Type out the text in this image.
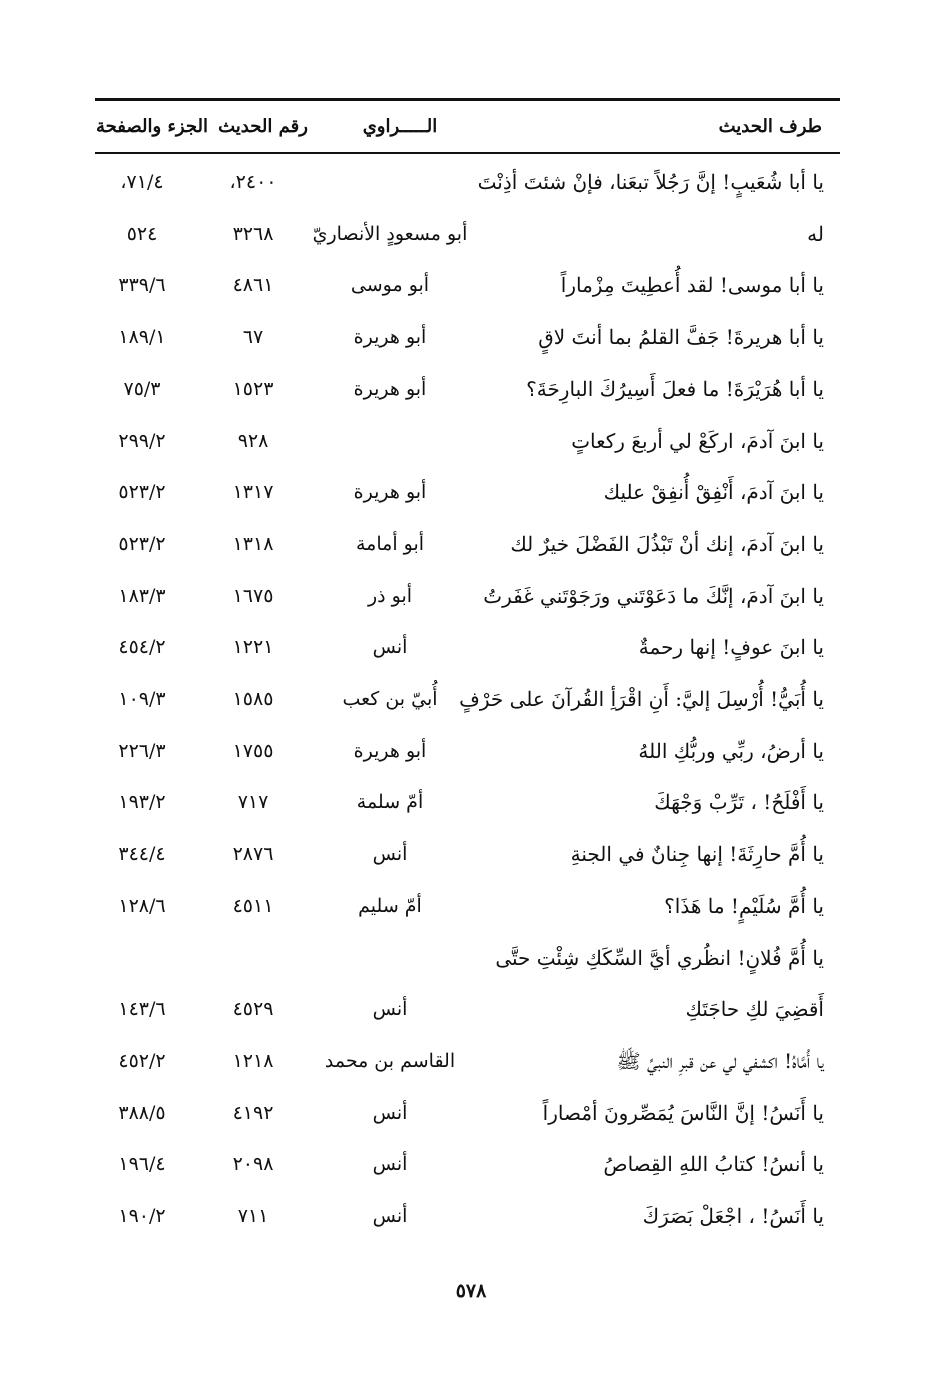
طرف الحديث
الـــــراوي
رقم الحديث
الجزء والصفحة
يا أبا شُعَيبٍ! إنَّ رَجُلاً تبعَنا، فإنْ شئتَ أذِنْتَ
٢٤٠٠،
٧١/٤،
له
أبو مسعودٍ الأنصاريّ
٣٢٦٨
٥٢٤
يا أبا موسى! لقد أُعطِيتَ مِزْماراً
أبو موسى
٤٨٦١
٣٣٩/٦
يا أبا هريرةَ! جَفَّ القلمُ بما أنتَ لاقٍ
أبو هريرة
٦٧
١٨٩/١
يا أبا هُرَيْرَةَ! ما فعلَ أَسِيرُكَ البارِحَةَ؟
أبو هريرة
١٥٢٣
٧٥/٣
يا ابنَ آدمَ، اركَعْ لي أربعَ ركعاتٍ
٩٢٨
٢٩٩/٢
يا ابنَ آدمَ، أَنْفِقْ أُنفِقْ عليك
أبو هريرة
١٣١٧
٥٢٣/٢
يا ابنَ آدمَ، إنك أنْ تَبْذُلَ الفَضْلَ خيرٌ لك
أبو أمامة
١٣١٨
٥٢٣/٢
يا ابنَ آدمَ، إنَّكَ ما دَعَوْتَني ورَجَوْتَني غَفَرتُ
أبو ذر
١٦٧٥
١٨٣/٣
يا ابنَ عوفٍ! إنها رحمةٌ
أنس
١٢٢١
٤٥٤/٢
يا أُبَيُّ! أُرْسِلَ إليَّ: أَنِ اقْرَأِ القُرآنَ على حَرْفٍ
أُبيّ بن كعب
١٥٨٥
١٠٩/٣
يا أرضُ، ربِّي وربُّكِ اللهُ
أبو هريرة
١٧٥٥
٢٢٦/٣
يا أَفْلَحُ! ، تَرِّبْ وَجْهَكَ
أمّ سلمة
٧١٧
١٩٣/٢
يا أُمَّ حارِثَةَ! إنها جِنانٌ في الجنةِ
أنس
٢٨٧٦
٣٤٤/٤
يا أُمَّ سُلَيْمٍ! ما هَذَا؟
أمّ سليم
٤٥١١
١٢٨/٦
يا أُمَّ فُلانٍ! انظُري أيَّ السِّكَكِ شِئْتِ حتَّى
أَقضِيَ لكِ حاجَتَكِ
أنس
٤٥٢٩
١٤٣/٦
يا أُمَّاهُ! اكشفي لي عن قبرِ النبيِّ ﷺ
القاسم بن محمد
١٢١٨
٤٥٢/٢
يا أَنَسُ! إنَّ النَّاسَ يُمَصِّرونَ أمْصاراً
أنس
٤١٩٢
٣٨٨/٥
يا أنسُ! كتابُ اللهِ القِصاصُ
أنس
٢٠٩٨
١٩٦/٤
يا أَنَسُ! ، اجْعَلْ بَصَرَكَ
أنس
٧١١
١٩٠/٢
٥٧٨
